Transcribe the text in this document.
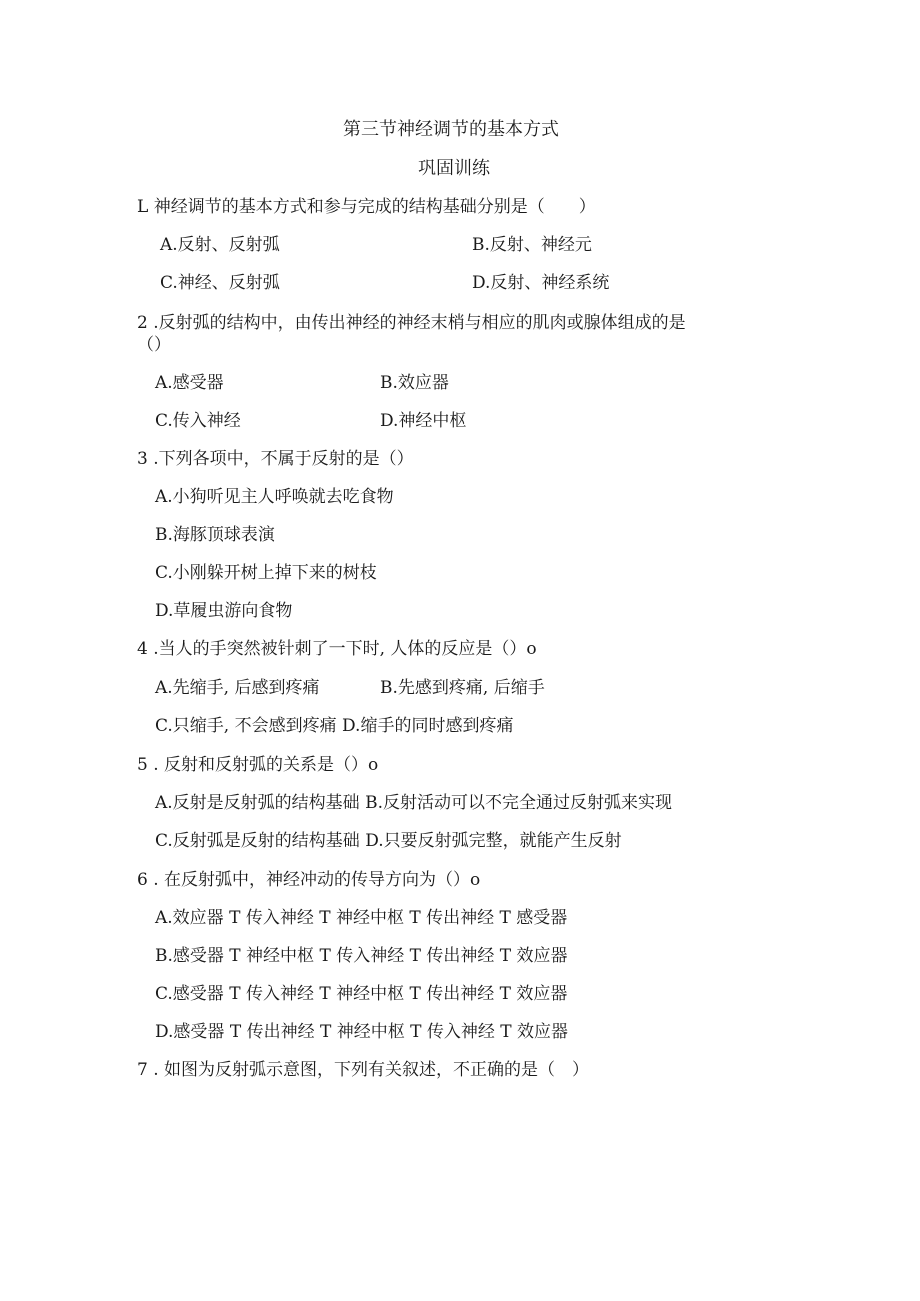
第三节神经调节的基本方式
巩固训练
L 神经调节的基本方式和参与完成的结构基础分别是（　　）
A.反射、反射弧	B.反射、神经元
C.神经、反射弧	D.反射、神经系统
2 .反射弧的结构中，由传出神经的神经末梢与相应的肌肉或腺体组成的是
（）
A.感受器	B.效应器
C.传入神经	D.神经中枢
3 .下列各项中，不属于反射的是（）
A.小狗听见主人呼唤就去吃食物
B.海豚顶球表演
C.小刚躲开树上掉下来的树枝
D.草履虫游向食物
4 .当人的手突然被针刺了一下时, 人体的反应是（）o
A.先缩手, 后感到疼痛	B.先感到疼痛, 后缩手
C.只缩手, 不会感到疼痛 D.缩手的同时感到疼痛
5 . 反射和反射弧的关系是（）o
A.反射是反射弧的结构基础 B.反射活动可以不完全通过反射弧来实现
C.反射弧是反射的结构基础 D.只要反射弧完整，就能产生反射
6 . 在反射弧中，神经冲动的传导方向为（）o
A.效应器 T 传入神经 T 神经中枢 T 传出神经 T 感受器
B.感受器 T 神经中枢 T 传入神经 T 传出神经 T 效应器
C.感受器 T 传入神经 T 神经中枢 T 传出神经 T 效应器
D.感受器 T 传出神经 T 神经中枢 T 传入神经 T 效应器
7 . 如图为反射弧示意图，下列有关叙述，不正确的是（　）
